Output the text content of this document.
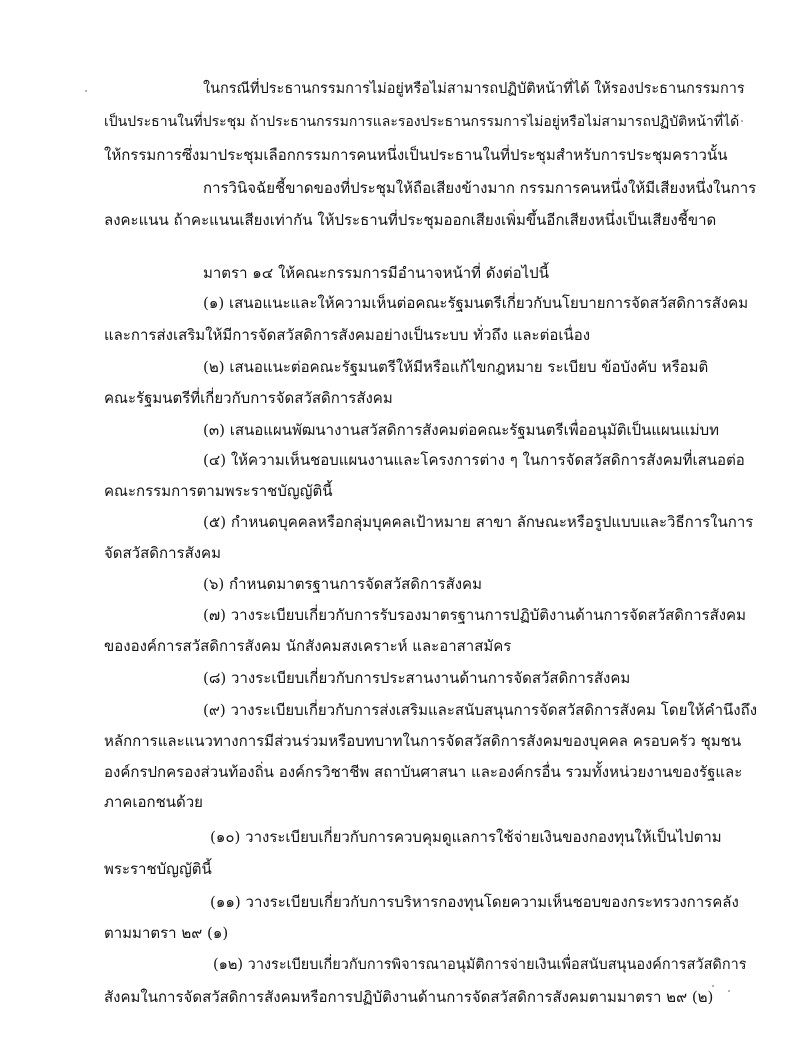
ในกรณีที่ประธานกรรมการไม่อยู่หรือไม่สามารถปฏิบัติหน้าที่ได้ ให้รองประธานกรรมการ
เป็นประธานในที่ประชุม ถ้าประธานกรรมการและรองประธานกรรมการไม่อยู่หรือไม่สามารถปฏิบัติหน้าที่ได้
ให้กรรมการซึ่งมาประชุมเลือกกรรมการคนหนึ่งเป็นประธานในที่ประชุมสำหรับการประชุมคราวนั้น
การวินิจฉัยชี้ขาดของที่ประชุมให้ถือเสียงข้างมาก กรรมการคนหนึ่งให้มีเสียงหนึ่งในการ
ลงคะแนน ถ้าคะแนนเสียงเท่ากัน ให้ประธานที่ประชุมออกเสียงเพิ่มขึ้นอีกเสียงหนึ่งเป็นเสียงชี้ขาด
มาตรา ๑๔ ให้คณะกรรมการมีอำนาจหน้าที่ ดังต่อไปนี้
(๑) เสนอแนะและให้ความเห็นต่อคณะรัฐมนตรีเกี่ยวกับนโยบายการจัดสวัสดิการสังคม
และการส่งเสริมให้มีการจัดสวัสดิการสังคมอย่างเป็นระบบ ทั่วถึง และต่อเนื่อง
(๒) เสนอแนะต่อคณะรัฐมนตรีให้มีหรือแก้ไขกฎหมาย ระเบียบ ข้อบังคับ หรือมติ
คณะรัฐมนตรีที่เกี่ยวกับการจัดสวัสดิการสังคม
(๓) เสนอแผนพัฒนางานสวัสดิการสังคมต่อคณะรัฐมนตรีเพื่ออนุมัติเป็นแผนแม่บท
(๔) ให้ความเห็นชอบแผนงานและโครงการต่าง ๆ ในการจัดสวัสดิการสังคมที่เสนอต่อ
คณะกรรมการตามพระราชบัญญัตินี้
(๕) กำหนดบุคคลหรือกลุ่มบุคคลเป้าหมาย สาขา ลักษณะหรือรูปแบบและวิธีการในการ
จัดสวัสดิการสังคม
(๖) กำหนดมาตรฐานการจัดสวัสดิการสังคม
(๗) วางระเบียบเกี่ยวกับการรับรองมาตรฐานการปฏิบัติงานด้านการจัดสวัสดิการสังคม
ขององค์การสวัสดิการสังคม นักสังคมสงเคราะห์ และอาสาสมัคร
(๘) วางระเบียบเกี่ยวกับการประสานงานด้านการจัดสวัสดิการสังคม
(๙) วางระเบียบเกี่ยวกับการส่งเสริมและสนับสนุนการจัดสวัสดิการสังคม โดยให้คำนึงถึง
หลักการและแนวทางการมีส่วนร่วมหรือบทบาทในการจัดสวัสดิการสังคมของบุคคล ครอบครัว ชุมชน
องค์กรปกครองส่วนท้องถิ่น องค์กรวิชาชีพ สถาบันศาสนา และองค์กรอื่น รวมทั้งหน่วยงานของรัฐและ
ภาคเอกชนด้วย
(๑๐) วางระเบียบเกี่ยวกับการควบคุมดูแลการใช้จ่ายเงินของกองทุนให้เป็นไปตาม
พระราชบัญญัตินี้
(๑๑) วางระเบียบเกี่ยวกับการบริหารกองทุนโดยความเห็นชอบของกระทรวงการคลัง
ตามมาตรา ๒๙ (๑)
(๑๒) วางระเบียบเกี่ยวกับการพิจารณาอนุมัติการจ่ายเงินเพื่อสนับสนุนองค์การสวัสดิการ
สังคมในการจัดสวัสดิการสังคมหรือการปฏิบัติงานด้านการจัดสวัสดิการสังคมตามมาตรา ๒๙ (๒)
